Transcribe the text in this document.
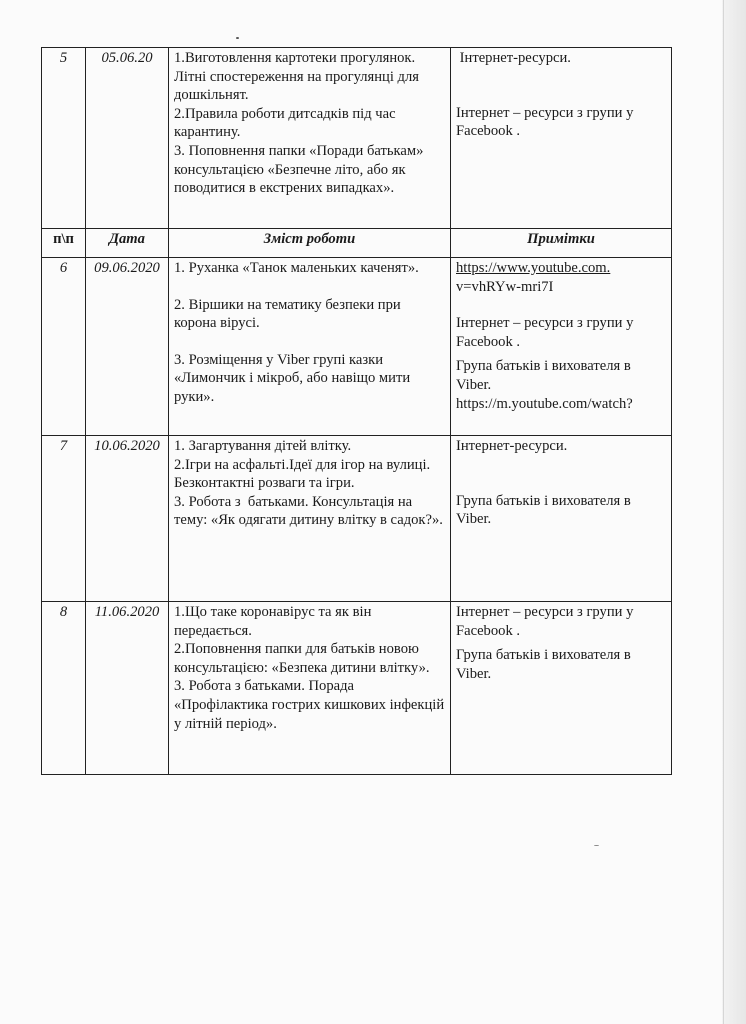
5	05.06.20	1.Виготовлення картотеки прогулянок. Літні спостереження на прогулянці для дошкільнят.
2.Правила роботи дитсадків під час карантину.
3. Поповнення папки «Поради батькам» консультацією «Безпечне літо, або як поводитися в екстрених випадках».	Інтернет-ресурси.
Інтернет – ресурси з групи у Facebook .

п\п	Дата	Зміст роботи	Примітки
6	09.06.2020	1. Руханка «Танок маленьких каченят».
2. Віршики на тематику безпеки при корона вірусі.
3. Розміщення у Viber групі казки «Лимончик і мікроб, або навіщо мити руки».	https://www.youtube.com.
v=vhRYw-mri7I
Інтернет – ресурси з групи у Facebook .
Група батьків і вихователя в Viber.
https://m.youtube.com/watch?

7	10.06.2020	1. Загартування дітей влітку.
2.Ігри на асфальті.Ідеї для ігор на вулиці. Безконтактні розваги та ігри.
3. Робота з  батьками. Консультація на тему: «Як одягати дитину влітку в садок?».	Інтернет-ресурси.
Група батьків і вихователя в Viber.

8	11.06.2020	1.Що таке коронавірус та як він передається.
2.Поповнення папки для батьків новою консультацією: «Безпека дитини влітку».
3. Робота з батьками. Порада «Профілактика гострих кишкових інфекцій у літній період».	Інтернет – ресурси з групи у Facebook .
Група батьків і вихователя в Viber.
